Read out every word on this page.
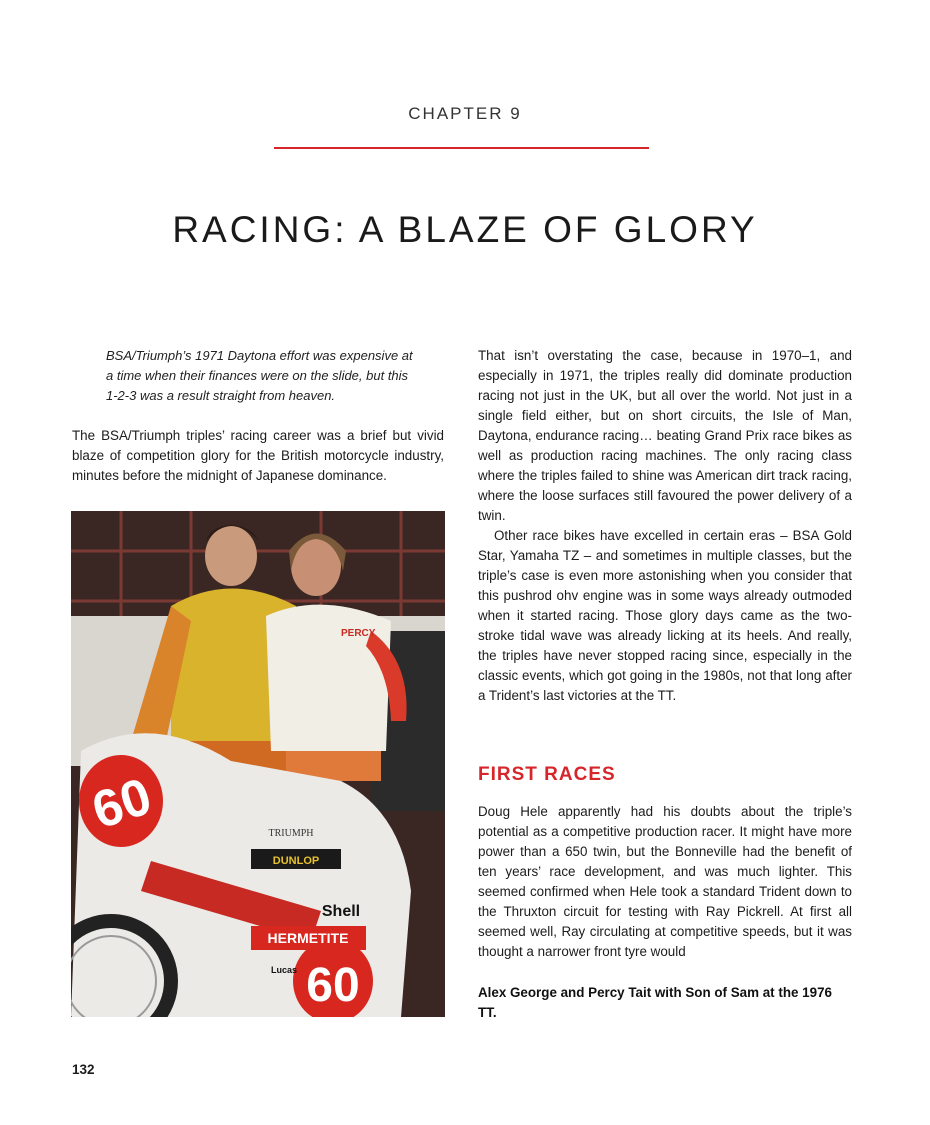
CHAPTER 9
RACING: A BLAZE OF GLORY

BSA/Triumph’s 1971 Daytona effort was expensive at a time when their finances were on the slide, but this 1-2-3 was a result straight from heaven.

The BSA/Triumph triples’ racing career was a brief but vivid blaze of competition glory for the British motorcycle industry, minutes before the midnight of Japanese dominance.

60
60
DUNLOP
TRIUMPH
HERMETITE
Shell
PERCY
Lucas

That isn’t overstating the case, because in 1970–1, and especially in 1971, the triples really did dominate production racing not just in the UK, but all over the world. Not just in a single field either, but on short circuits, the Isle of Man, Daytona, endurance racing… beating Grand Prix race bikes as well as production racing machines. The only racing class where the triples failed to shine was American dirt track racing, where the loose surfaces still favoured the power delivery of a twin.

Other race bikes have excelled in certain eras – BSA Gold Star, Yamaha TZ – and sometimes in multiple classes, but the triple’s case is even more astonishing when you consider that this pushrod ohv engine was in some ways already outmoded when it started racing. Those glory days came as the two-stroke tidal wave was already licking at its heels. And really, the triples have never stopped racing since, especially in the classic events, which got going in the 1980s, not that long after a Trident’s last victories at the TT.

FIRST RACES

Doug Hele apparently had his doubts about the triple’s potential as a competitive production racer. It might have more power than a 650 twin, but the Bonneville had the benefit of ten years’ race development, and was much lighter. This seemed confirmed when Hele took a standard Trident down to the Thruxton circuit for testing with Ray Pickrell. At first all seemed well, Ray circulating at competitive speeds, but it was thought a narrower front tyre would

Alex George and Percy Tait with Son of Sam at the 1976 TT.

132
